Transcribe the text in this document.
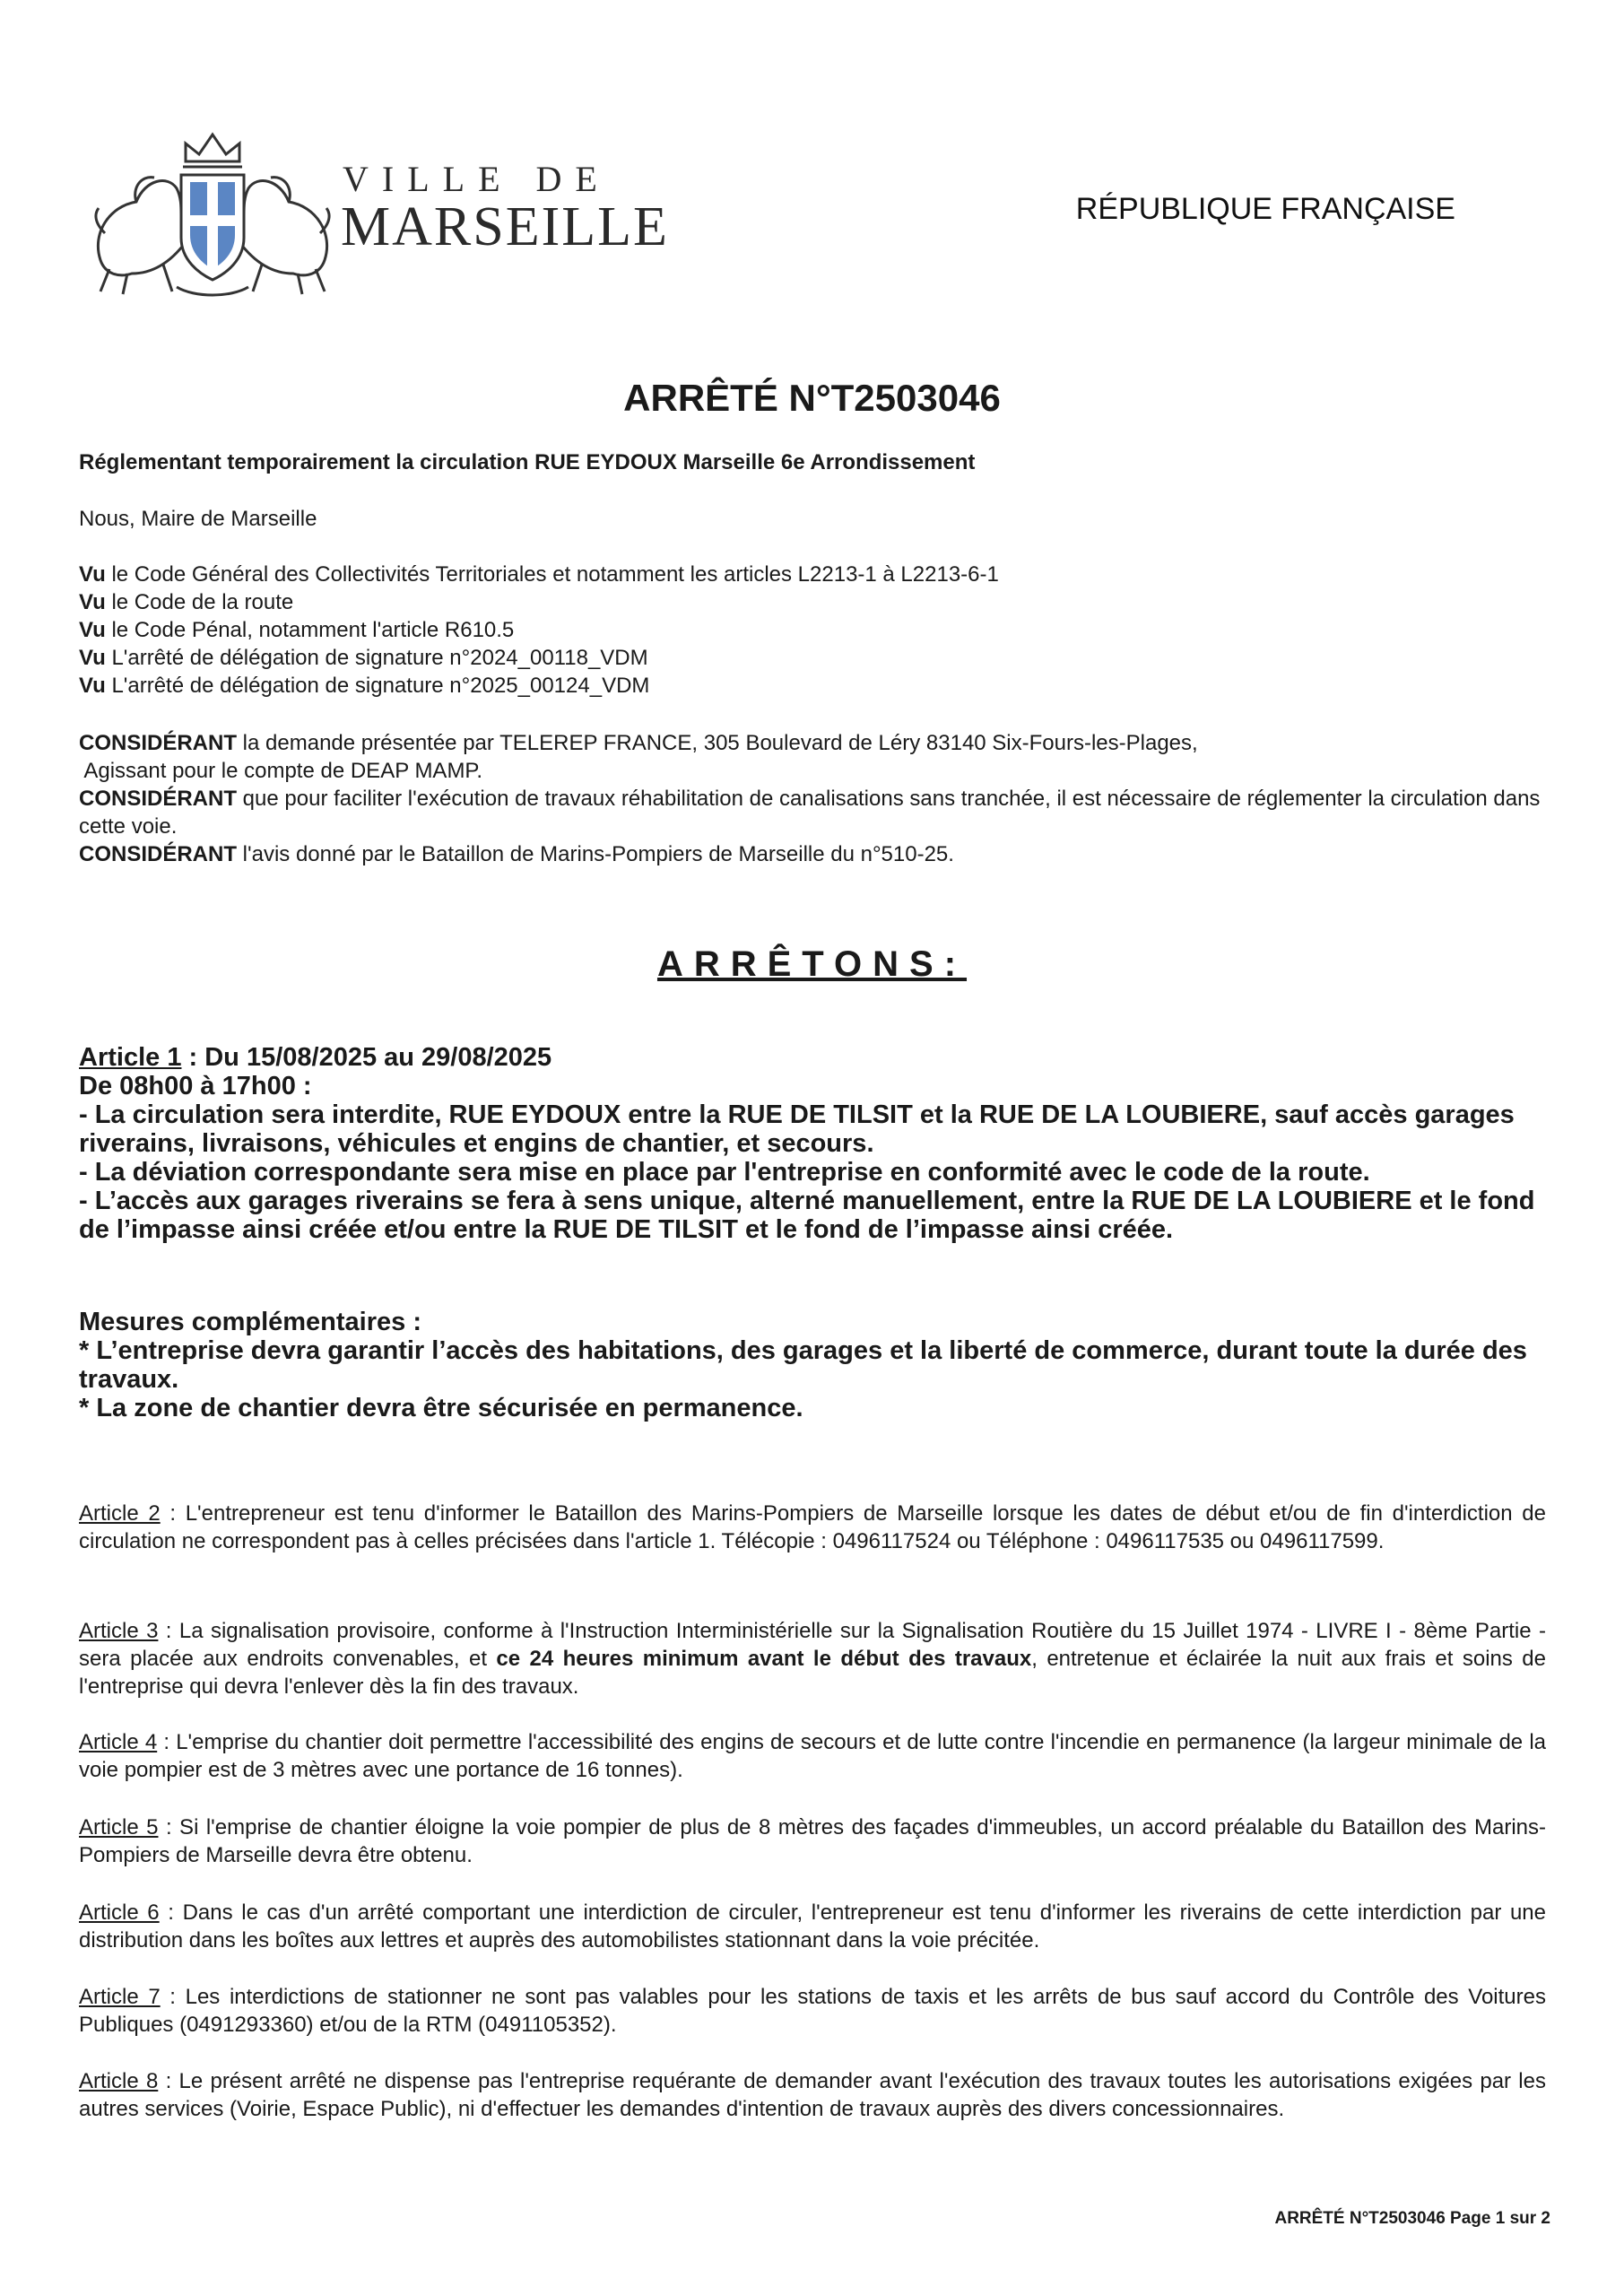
VILLE DE
MARSEILLE	RÉPUBLIQUE FRANÇAISE
ARRÊTÉ N°T2503046
Réglementant temporairement la circulation RUE EYDOUX Marseille 6e Arrondissement
Nous, Maire de Marseille

Vu le Code Général des Collectivités Territoriales et notamment les articles L2213-1 à L2213-6-1

Vu le Code de la route

Vu le Code Pénal, notamment l'article R610.5

Vu L'arrêté de délégation de signature n°2024_00118_VDM

Vu L'arrêté de délégation de signature n°2025_00124_VDM

CONSIDÉRANT la demande présentée par TELEREP FRANCE, 305 Boulevard de Léry 83140 Six-Fours-les-Plages,

Agissant pour le compte de DEAP MAMP.

CONSIDÉRANT que pour faciliter l'exécution de travaux réhabilitation de canalisations sans tranchée, il est nécessaire de réglementer la circulation dans cette voie.

CONSIDÉRANT l'avis donné par le Bataillon de Marins-Pompiers de Marseille du n°510-25.

ARRÊTONS:

Article 1 : Du 15/08/2025 au 29/08/2025

De 08h00 à 17h00 :

- La circulation sera interdite, RUE EYDOUX entre la RUE DE TILSIT et la RUE DE LA LOUBIERE, sauf accès garages riverains, livraisons, véhicules et engins de chantier, et secours.

- La déviation correspondante sera mise en place par l'entreprise en conformité avec le code de la route.

- L’accès aux garages riverains se fera à sens unique, alterné manuellement, entre la RUE DE LA LOUBIERE et le fond de l’impasse ainsi créée et/ou entre la RUE DE TILSIT et le fond de l’impasse ainsi créée.

Mesures complémentaires :

* L’entreprise devra garantir l’accès des habitations, des garages et la liberté de commerce, durant toute la durée des travaux.

* La zone de chantier devra être sécurisée en permanence.

Article 2 : L'entrepreneur est tenu d'informer le Bataillon des Marins-Pompiers de Marseille lorsque les dates de début et/ou de fin d'interdiction de circulation ne correspondent pas à celles précisées dans l'article 1. Télécopie : 0496117524 ou Téléphone : 0496117535 ou 0496117599.
Article 3 : La signalisation provisoire, conforme à l'Instruction Interministérielle sur la Signalisation Routière du 15 Juillet 1974 - LIVRE I - 8ème Partie - sera placée aux endroits convenables, et ce 24 heures minimum avant le début des travaux, entretenue et éclairée la nuit aux frais et soins de l'entreprise qui devra l'enlever dès la fin des travaux.
Article 4 : L'emprise du chantier doit permettre l'accessibilité des engins de secours et de lutte contre l'incendie en permanence (la largeur minimale de la voie pompier est de 3 mètres avec une portance de 16 tonnes).
Article 5 : Si l'emprise de chantier éloigne la voie pompier de plus de 8 mètres des façades d'immeubles, un accord préalable du Bataillon des Marins-Pompiers de Marseille devra être obtenu.
Article 6 : Dans le cas d'un arrêté comportant une interdiction de circuler, l'entrepreneur est tenu d'informer les riverains de cette interdiction par une distribution dans les boîtes aux lettres et auprès des automobilistes stationnant dans la voie précitée.
Article 7 : Les interdictions de stationner ne sont pas valables pour les stations de taxis et les arrêts de bus sauf accord du Contrôle des Voitures Publiques (0491293360) et/ou de la RTM (0491105352).
Article 8 : Le présent arrêté ne dispense pas l'entreprise requérante de demander avant l'exécution des travaux toutes les autorisations exigées par les autres services (Voirie, Espace Public), ni d'effectuer les demandes d'intention de travaux auprès des divers concessionnaires.
ARRÊTÉ N°T2503046 Page 1 sur 2
